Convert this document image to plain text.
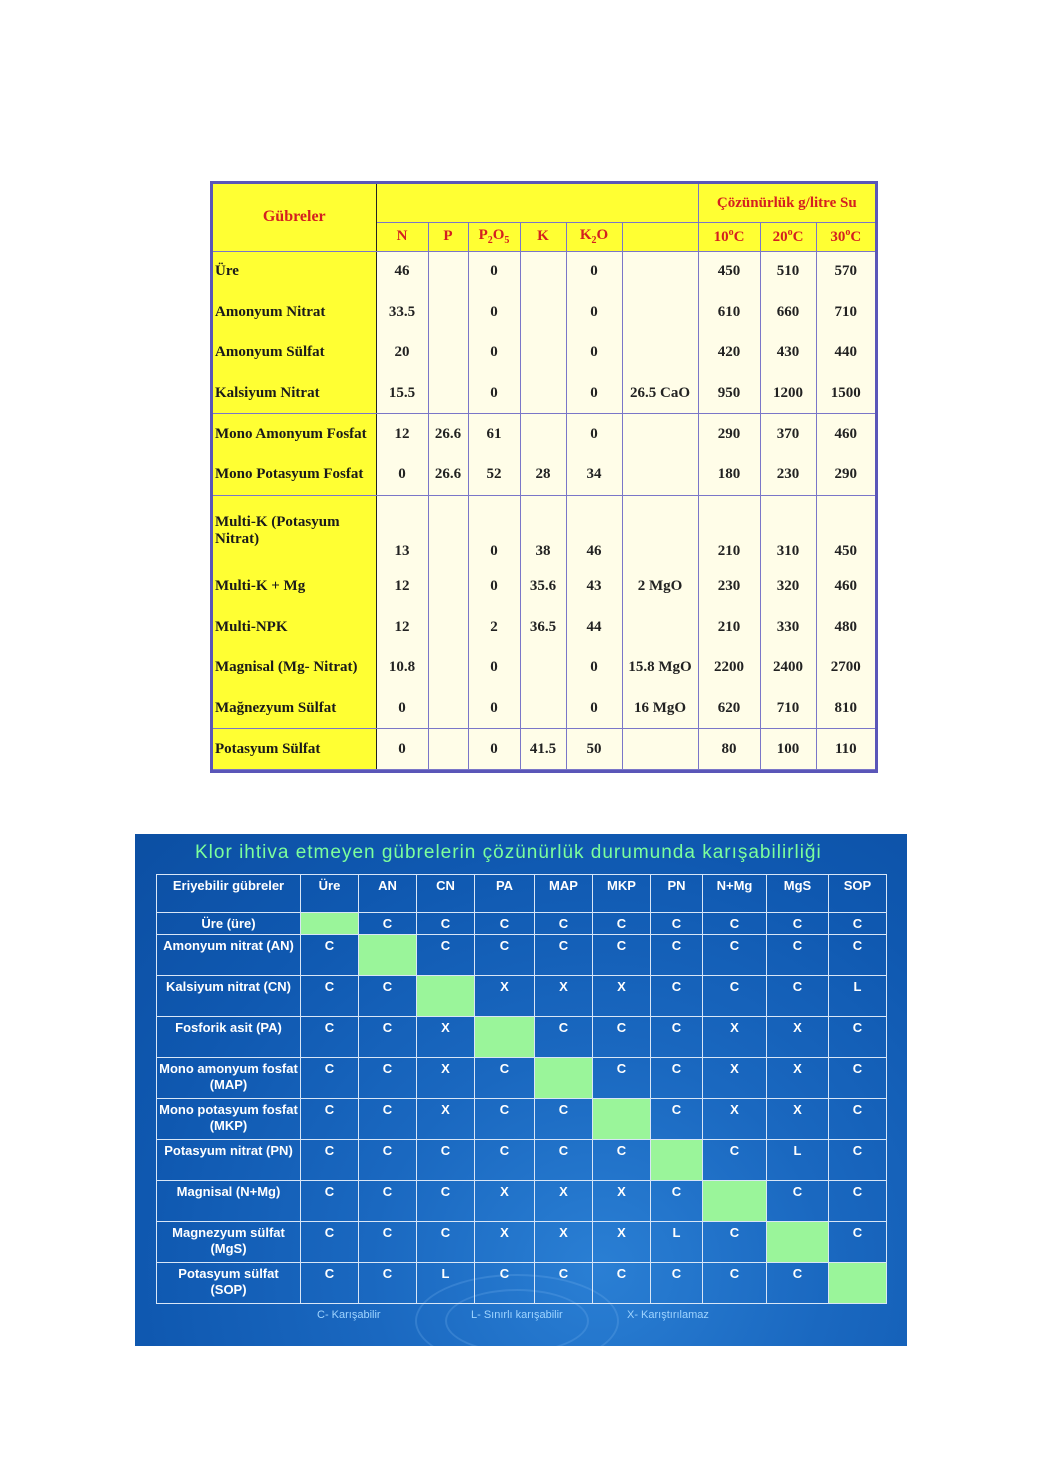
Gübreler							Çözünürlük g/litre Su		
	N	P	$P_2O_5$	K	$K_2O$		10$^o$C	20$^o$C	30$^o$C
Üre	46		0		0		450	510	570
Amonyum Nitrat	33.5		0		0		610	660	710
Amonyum Sülfat	20		0		0		420	430	440
Kalsiyum Nitrat	15.5		0		0	26.5 CaO	950	1200	1500
Mono Amonyum Fosfat	12	26.6	61		0		290	370	460
Mono Potasyum Fosfat	0	26.6	52	28	34		180	230	290
Multi-K (Potasyum Nitrat)	13		0	38	46		210	310	450
Multi-K + Mg	12		0	35.6	43	2 MgO	230	320	460
Multi-NPK	12		2	36.5	44		210	330	480
Magnisal (Mg- Nitrat)	10.8		0		0	15.8 MgO	2200	2400	2700
Mağnezyum Sülfat	0		0		0	16 MgO	620	710	810
Potasyum Sülfat	0		0	41.5	50		80	100	110
Klor ihtiva etmeyen gübrelerin çözünürlük durumunda karışabilirliği
Eriyebilir gübreler	Üre	AN	CN	PA	MAP	MKP	PN	N+Mg	MgS	SOP
Üre (üre)		C	C	C	C	C	C	C	C	C
Amonyum nitrat (AN)	C		C	C	C	C	C	C	C	C
Kalsiyum nitrat (CN)	C	C		X	X	X	C	C	C	L
Fosforik asit (PA)	C	C	X		C	C	C	X	X	C
Mono amonyum fosfat (MAP)	C	C	X	C		C	C	X	X	C
Mono potasyum fosfat (MKP)	C	C	X	C	C		C	X	X	C
Potasyum nitrat (PN)	C	C	C	C	C	C		C	L	C
Magnisal (N+Mg)	C	C	C	X	X	X	C		C	C
Magnezyum sülfat (MgS)	C	C	C	X	X	X	L	C		C
Potasyum sülfat (SOP)	C	C	L	C	C	C	C	C	C	
C- Karışabilir	L- Sınırlı karışabilir	X- Karıştırılamaz
